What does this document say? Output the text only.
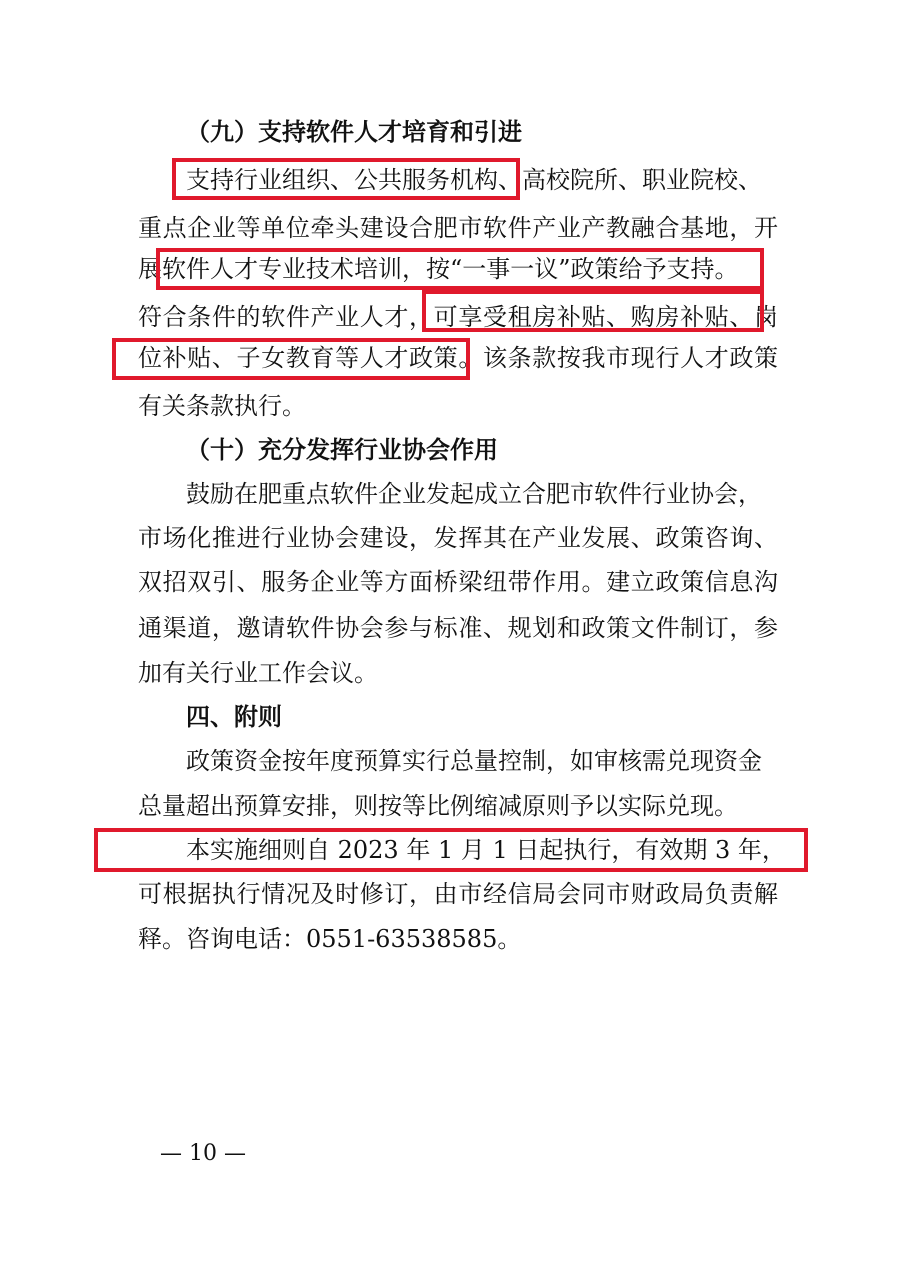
（九）支持软件人才培育和引进
支持行业组织、公共服务机构、高校院所、职业院校、
重点企业等单位牵头建设合肥市软件产业产教融合基地，开
展软件人才专业技术培训，按“一事一议”政策给予支持。
符合条件的软件产业人才，可享受租房补贴、购房补贴、岗
位补贴、子女教育等人才政策。该条款按我市现行人才政策
有关条款执行。
（十）充分发挥行业协会作用
鼓励在肥重点软件企业发起成立合肥市软件行业协会，
市场化推进行业协会建设，发挥其在产业发展、政策咨询、
双招双引、服务企业等方面桥梁纽带作用。建立政策信息沟
通渠道，邀请软件协会参与标准、规划和政策文件制订，参
加有关行业工作会议。
四、附则
政策资金按年度预算实行总量控制，如审核需兑现资金
总量超出预算安排，则按等比例缩减原则予以实际兑现。
本实施细则自 2023 年 1 月 1 日起执行，有效期 3 年，
可根据执行情况及时修订，由市经信局会同市财政局负责解
释。咨询电话：0551-63538585。
— 10 —
